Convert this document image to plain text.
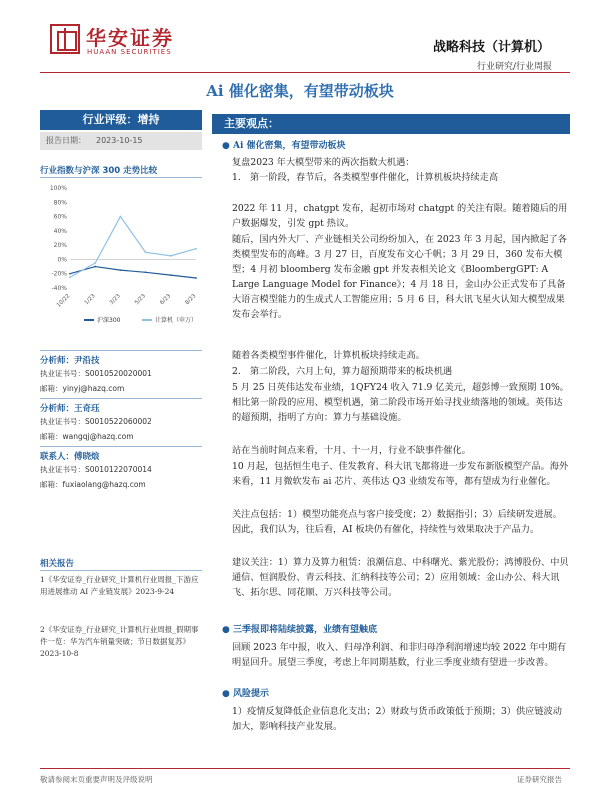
华安证券
HUAAN SECURITIES	战略科技（计算机）
行业研究/行业周报
Ai 催化密集，有望带动板块
行业评级：增持
报告日期： 2023-10-15
行业指数与沪深 300 走势比较
100%
80%
60%
40%
20%
0%
-20%
-40%
10/22 1/23 3/23 5/23 6/23 8/23
沪深300	计算机（申万）
分析师：尹沿技
执业证书号：S0010520020001
邮箱：yinyj@hazq.com
分析师：王奇珏
执业证书号：S0010522060002
邮箱：wangqj@hazq.com
联系人：傅晓烺
执业证书号：S0010122070014
邮箱：fuxiaolang@hazq.com
相关报告
1《华安证券_行业研究_计算机行业周报_下游应用进展推动 AI 产业链发展》2023-9-24
2《华安证券_行业研究_计算机行业周报_假期事件一览：华为汽车销量突破；节日数据复苏》2023-10-8
主要观点：
● Ai 催化密集，有望带动板块
复盘2023 年大模型带来的两次指数大机遇：
1.　第一阶段，春节后，各类模型事件催化，计算机板块持续走高
2022 年 11 月，chatgpt 发布，起初市场对 chatgpt 的关注有限。随着随后的用户数据爆发，引发 gpt 热议。
随后，国内外大厂、产业链相关公司纷纷加入，在 2023 年 3 月起，国内掀起了各类模型发布的高峰。3 月 27 日，百度发布文心千帆；3 月 29 日，360 发布大模型；4 月初 bloomberg 发布金融 gpt 并发表相关论文《BloombergGPT: A Large Language Model for Finance》；4 月 18 日，金山办公正式发布了具备大语言模型能力的生成式人工智能应用；5 月 6 日，科大讯飞星火认知大模型成果发布会举行。
随着各类模型事件催化，计算机板块持续走高。
2.　第二阶段，六月上旬，算力超预期带来的板块机遇
5 月 25 日英伟达发布业绩，1QFY24 收入 71.9 亿美元，超彭博一致预期 10%。相比第一阶段的应用、模型机遇，第二阶段市场开始寻找业绩落地的领域。英伟达的超预期，指明了方向：算力与基础设施。
站在当前时间点来看，十月、十一月，行业不缺事件催化。
10 月起，包括恒生电子、佳发教育、科大讯飞都将进一步发布新版模型产品。海外来看，11 月微软发布 ai 芯片、英伟达 Q3 业绩发布等，都有望成为行业催化。
关注点包括：1）模型功能亮点与客户接受度；2）数据指引；3）后续研发进展。因此，我们认为，往后看，AI 板块仍有催化，持续性与效果取决于产品力。
建议关注：1）算力及算力租赁：浪潮信息、中科曙光、紫光股份；鸿博股份、中贝通信、恒润股份、青云科技、汇纳科技等公司；2）应用领域：金山办公、科大讯飞、拓尔思、同花顺、万兴科技等公司。
● 三季报即将陆续披露，业绩有望触底
回顾 2023 年中报，收入、归母净利润、和非归母净利润增速均较 2022 年中期有明显回升。展望三季度，考虑上年同期基数，行业三季度业绩有望进一步改善。
● 风险提示
1）疫情反复降低企业信息化支出；2）财政与货币政策低于预期；3）供应链波动加大，影响科技产业发展。
敬请参阅末页重要声明及评级说明	证券研究报告
